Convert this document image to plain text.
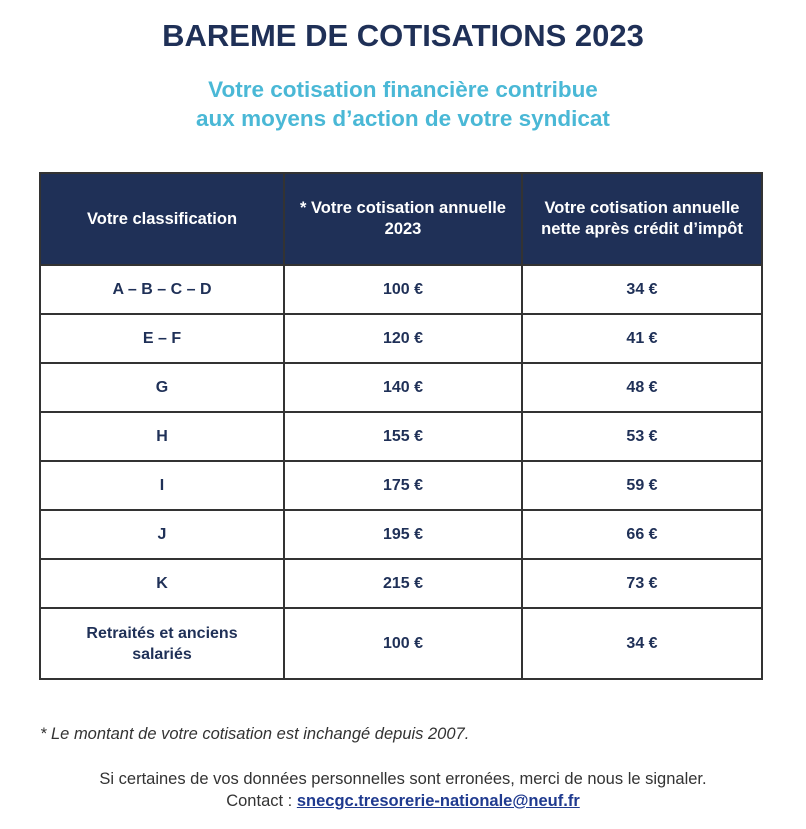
BAREME DE COTISATIONS 2023
Votre cotisation financière contribue
aux moyens d’action de votre syndicat
Votre classification	* Votre cotisation annuelle 2023	Votre cotisation annuelle nette après crédit d’impôt
A – B – C – D	100 €	34 €
E – F	120 €	41 €
G	140 €	48 €
H	155 €	53 €
I	175 €	59 €
J	195 €	66 €
K	215 €	73 €
Retraités et anciens salariés	100 €	34 €
* Le montant de votre cotisation est inchangé depuis 2007.
Si certaines de vos données personnelles sont erronées, merci de nous le signaler.
Contact : snecgc.tresorerie-nationale@neuf.fr
